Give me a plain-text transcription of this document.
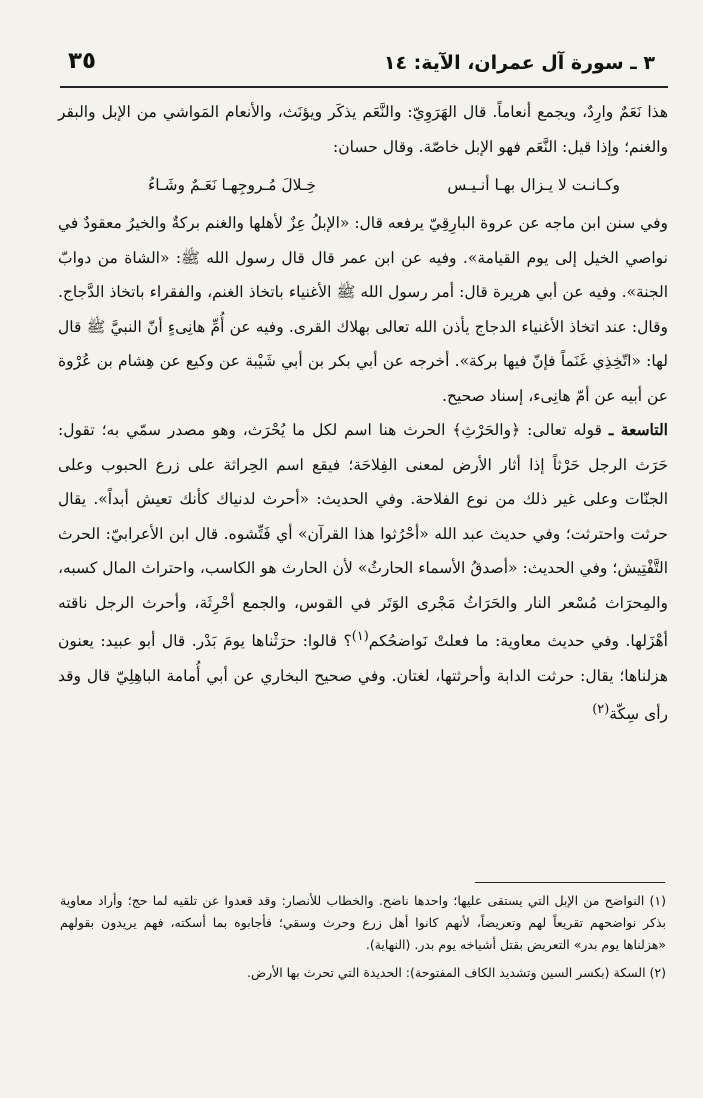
٣ ـ سورة آل عمران، الآية: ١٤
٣٥

هذا نَعَمٌ وارِدٌ، ويجمع أنعاماً. قال الهَرَوِيّ: والنَّعَم يذكَر ويؤنَث، والأنعام المَواشي من الإبل والبقر والغنم؛ وإذا قيل: النَّعَم فهو الإبل خاصّة. وقال حسان:

وكـانـت لا يـزال بهـا أنـيـس
خِـلالَ مُـروجِهـا نَعَـمٌ وشَـاءُ

وفي سنن ابن ماجه عن عروة البارِقِيّ يرفعه قال: «الإبلُ عِزٌ لأهلها والغنم بركةٌ والخيرُ معقودٌ في نواصي الخيل إلى يوم القيامة». وفيه عن ابن عمر قال قال رسول الله ﷺ: «الشاة من دوابّ الجنة». وفيه عن أبي هريرة قال: أمر رسول الله ﷺ الأغنياء باتخاذ الغنم، والفقراء باتخاذ الدَّجاج. وقال: عند اتخاذ الأغنياء الدجاج يأذن الله تعالى بهلاك القرى. وفيه عن أُمِّ هانِىءٍ أنّ النبيَّ ﷺ قال لها: «اتّخِذِي غَنَماً فإنّ فيها بركة». أخرجه عن أبي بكر بن أبي شَيْبة عن وكيع عن هِشام بن عُرْوة عن أبيه عن أمّ هانِىء، إسناد صحيح.

التاسعة ـ قوله تعالى: ﴿والحَرْثِ﴾ الحرث هنا اسم لكل ما يُحْرَث، وهو مصدر سمّي به؛ تقول: حَرَث الرجل حَرْثاً إذا أثار الأرض لمعنى الفِلاحَة؛ فيقع اسم الحِراثة على زرع الحبوب وعلى الجنّات وعلى غير ذلك من نوع الفلاحة. وفي الحديث: «أحرث لدنياك كأنك تعيش أبداً». يقال حرثت واحترثت؛ وفي حديث عبد الله «أحْرُثوا هذا القرآن» أي فَتِّشوه. قال ابن الأعرابيّ: الحرث التَّفْتِيش؛ وفي الحديث: «أصدقُ الأسماء الحارثُ» لأن الحارث هو الكاسب، واحتراث المال كسبه، والمِحرَاث مُسْعر النار والحَرَاثُ مَجْرى الوَتَر في القوس، والجمع أحْرِثَة، وأحرث الرجل ناقته أهْزَلها. وفي حديث معاوية: ما فعلتْ نَواضحُكم$^{(١)}$؟ قالوا: حرَثْناها يومَ بَدْر. قال أبو عبيد: يعنون هزلناها؛ يقال: حرثت الدابة وأحرثتها، لغتان. وفي صحيح البخاري عن أبي أُمامة الباهِلِيّ قال وقد رأى سِكّة$^{(٢)}$

(١) النواضح من الإبل التي يستقى عليها؛ واحدها ناضح. والخطاب للأنصار: وقد قعدوا عن تلقيه لما حج؛ وأراد معاوية بذكر نواضحهم تقريعاً لهم وتعريضاً، لأنهم كانوا أهل زرع وحرث وسقي؛ فأجابوه بما أسكته، فهم يريدون بقولهم «هزلناها يوم بدر» التعريض بقتل أشياخه يوم بدر. (النهاية).

(٢) السكة (بكسر السين وتشديد الكاف المفتوحة): الحديدة التي تحرث بها الأرض.
